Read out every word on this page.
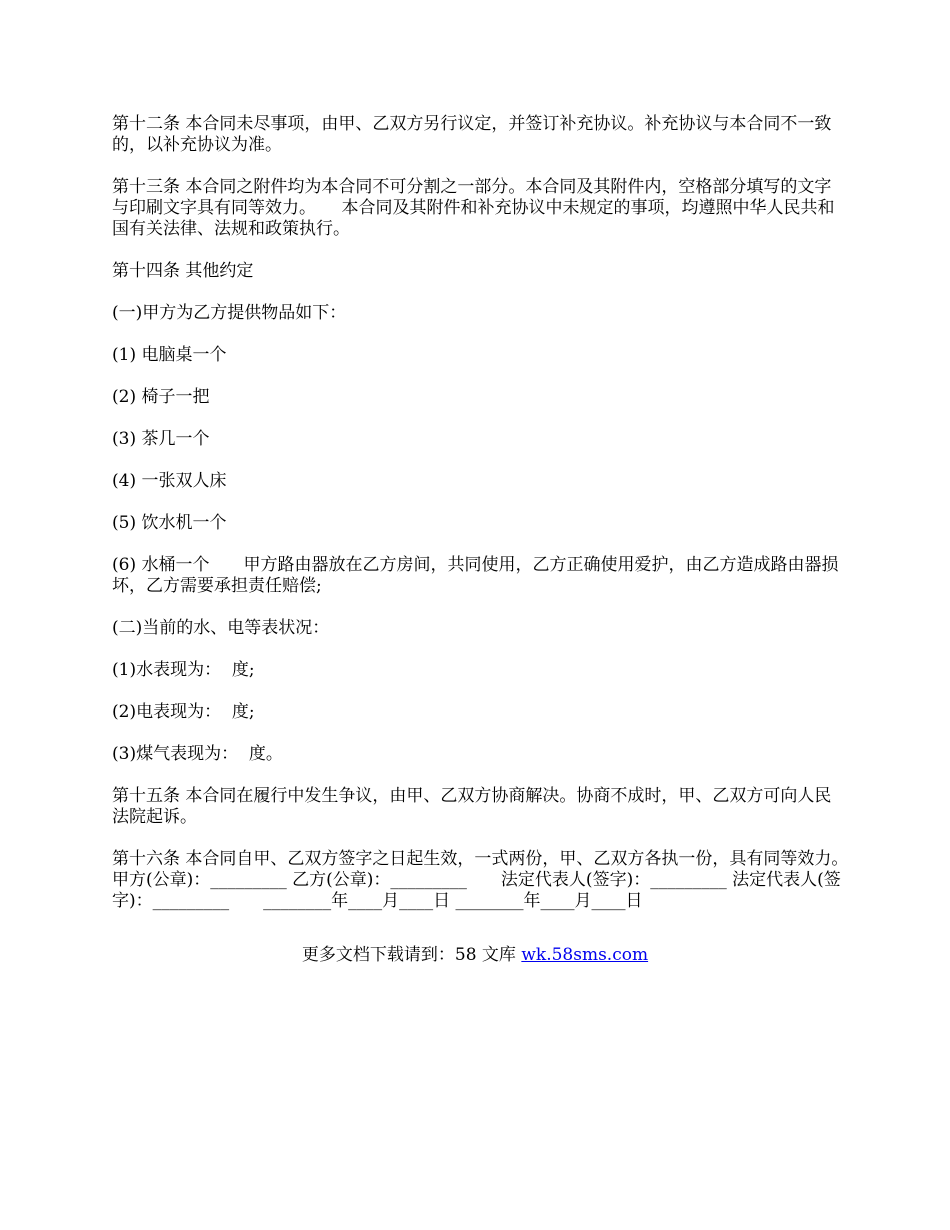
第十二条 本合同未尽事项，由甲、乙双方另行议定，并签订补充协议。补充协议与本合同不一致的，以补充协议为准。

第十三条 本合同之附件均为本合同不可分割之一部分。本合同及其附件内，空格部分填写的文字与印刷文字具有同等效力。　　本合同及其附件和补充协议中未规定的事项，均遵照中华人民共和国有关法律、法规和政策执行。

第十四条 其他约定

(一)甲方为乙方提供物品如下：

(1) 电脑桌一个

(2) 椅子一把

(3) 茶几一个

(4) 一张双人床

(5) 饮水机一个

(6) 水桶一个　　甲方路由器放在乙方房间，共同使用，乙方正确使用爱护，由乙方造成路由器损坏，乙方需要承担责任赔偿;

(二)当前的水、电等表状况：

(1)水表现为：  度;

(2)电表现为：  度;

(3)煤气表现为：  度。

第十五条 本合同在履行中发生争议，由甲、乙双方协商解决。协商不成时，甲、乙双方可向人民法院起诉。

第十六条 本合同自甲、乙双方签字之日起生效，一式两份，甲、乙双方各执一份，具有同等效力。　　甲方(公章)：_________ 乙方(公章)：_________　　法定代表人(签字)：_________ 法定代表人(签字)：_________　　________年____月____日 ________年____月____日

更多文档下载请到：58 文库 wk.58sms.com
